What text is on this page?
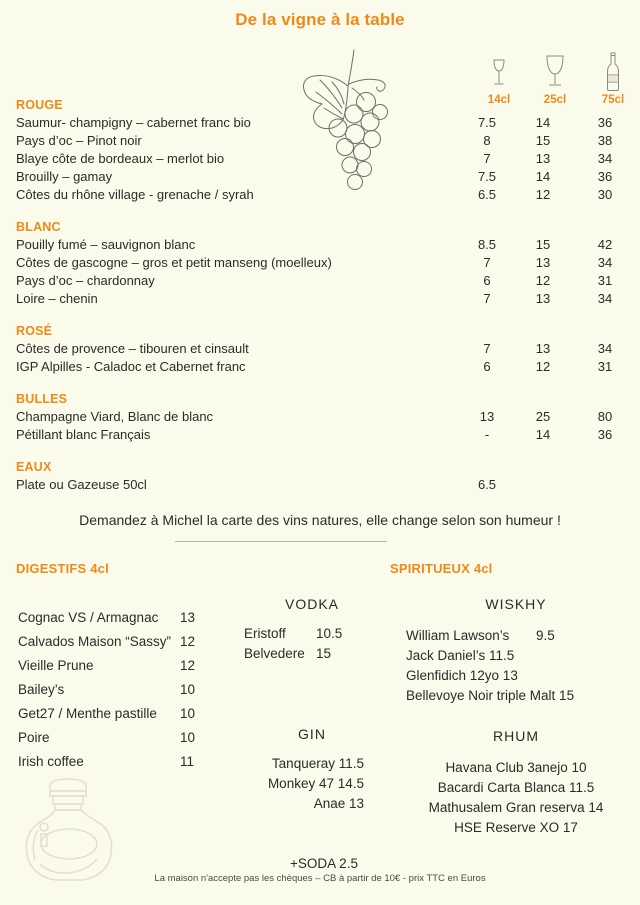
De la vigne à la table
14cl	25cl	75cl
ROUGE
Saumur- champigny – cabernet franc bio	7.5	14	36
Pays d’oc – Pinot noir	8	15	38
Blaye côte de bordeaux – merlot bio	7	13	34
Brouilly – gamay	7.5	14	36
Côtes du rhône village - grenache / syrah	6.5	12	30
BLANC
Pouilly fumé – sauvignon blanc	8.5	15	42
Côtes de gascogne – gros et petit manseng (moelleux)	7	13	34
Pays d’oc – chardonnay	6	12	31
Loire – chenin	7	13	34
ROSÉ
Côtes de provence – tibouren et cinsault	7	13	34
IGP Alpilles - Caladoc et Cabernet franc	6	12	31
BULLES
Champagne Viard, Blanc de blanc	13	25	80
Pétillant blanc Français	-	14	36
EAUX
Plate ou Gazeuse 50cl	6.5
Demandez à Michel la carte des vins natures, elle change selon son humeur !
DIGESTIFS 4cl	SPIRITUEUX 4cl
Cognac VS / Armagnac 13
Calvados Maison “Sassy” 12
Vieille Prune	12
Bailey’s	10
Get27 / Menthe pastille 10
Poire	10
Irish coffee	11
VODKA
Eristoff 10.5
Belvedere 15
GIN
Tanqueray 11.5
Monkey 47 14.5
Anae 13
+SODA 2.5
WISKHY
William Lawson’s 9.5
Jack Daniel’s 11.5
Glenfidich 12yo 13
Bellevoye Noir triple Malt 15
RHUM
Havana Club 3anejo 10
Bacardi Carta Blanca 11.5
Mathusalem Gran reserva 14
HSE Reserve XO 17
La maison n'accepte pas les chèques – CB à partir de 10€ - prix TTC en Euros
